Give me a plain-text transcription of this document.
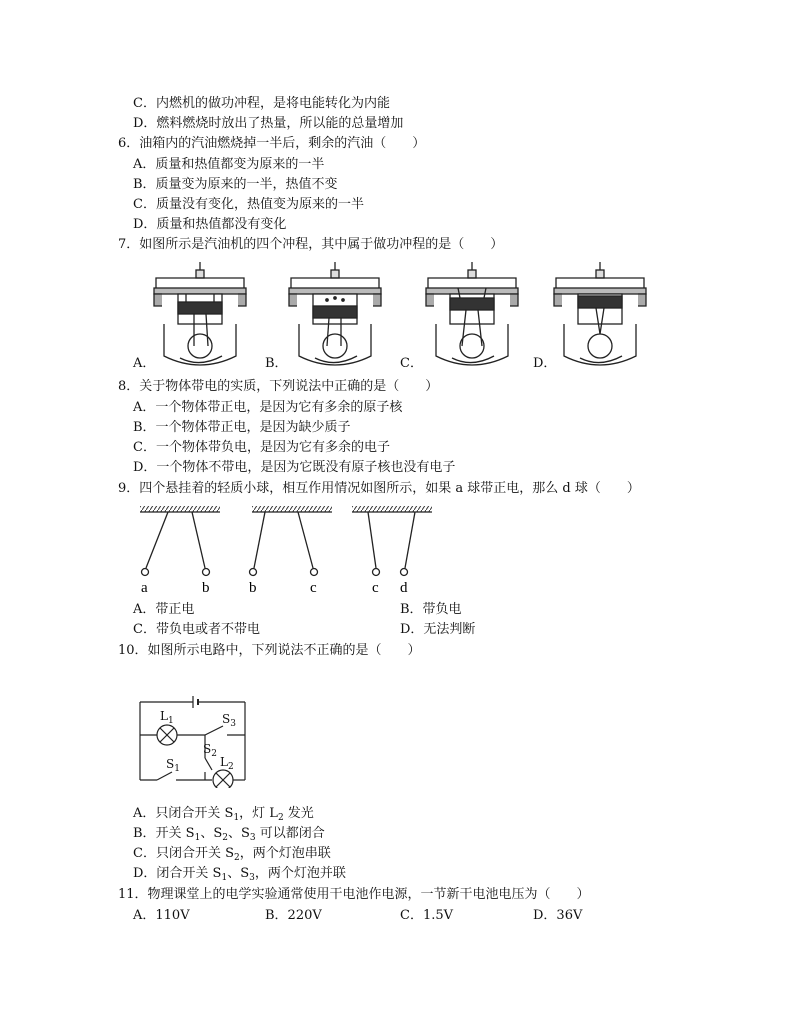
C．内燃机的做功冲程，是将电能转化为内能
D．燃料燃烧时放出了热量，所以能的总量增加
6．油箱内的汽油燃烧掉一半后，剩余的汽油（　　）
A．质量和热值都变为原来的一半
B．质量变为原来的一半，热值不变
C．质量没有变化，热值变为原来的一半
D．质量和热值都没有变化
7．如图所示是汽油机的四个冲程，其中属于做功冲程的是（　　）
A．	B．	C．	D．
8．关于物体带电的实质，下列说法中正确的是（　　）
A．一个物体带正电，是因为它有多余的原子核
B．一个物体带正电，是因为缺少质子
C．一个物体带负电，是因为它有多余的电子
D．一个物体不带电，是因为它既没有原子核也没有电子
9．四个悬挂着的轻质小球，相互作用情况如图所示，如果 a 球带正电，那么 d 球（　　）
a	b	b	c	c d
A．带正电	B．带负电
C．带负电或者不带电	D．无法判断
10．如图所示电路中，下列说法不正确的是（　　）
$L_1$	$S_3$
$S_2$
$S_1$	$L_2$
A．只闭合开关 $S_1$，灯 $L_2$ 发光
B．开关 $S_1$、$S_2$、$S_3$ 可以都闭合
C．只闭合开关 $S_2$，两个灯泡串联
D．闭合开关 $S_1$、$S_3$，两个灯泡并联
11．物理课堂上的电学实验通常使用干电池作电源，一节新干电池电压为（　　）
A．110V	B．220V	C．1.5V	D．36V
